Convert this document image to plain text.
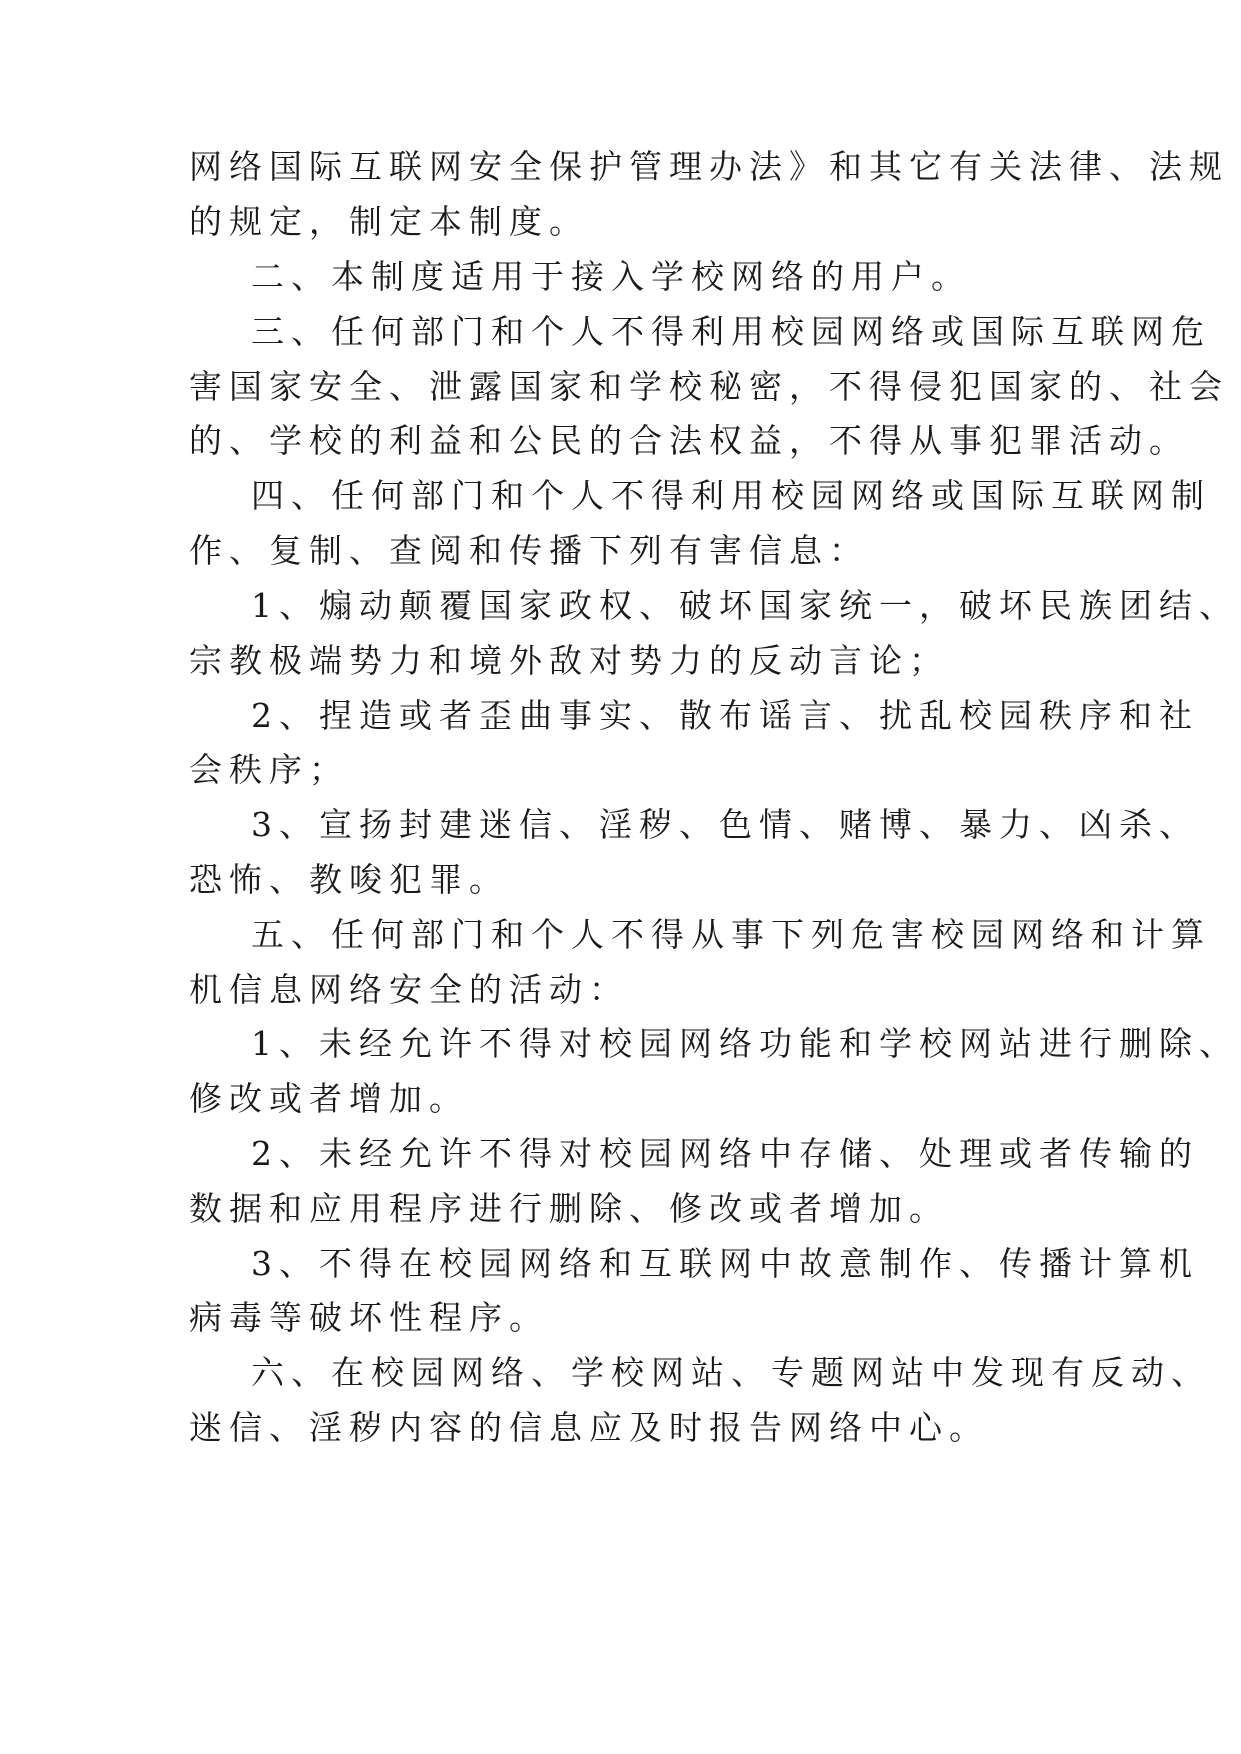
网络国际互联网安全保护管理办法》和其它有关法律、法规
的规定，制定本制度。
二、本制度适用于接入学校网络的用户。
三、任何部门和个人不得利用校园网络或国际互联网危
害国家安全、泄露国家和学校秘密，不得侵犯国家的、社会
的、学校的利益和公民的合法权益，不得从事犯罪活动。
四、任何部门和个人不得利用校园网络或国际互联网制
作、复制、查阅和传播下列有害信息：
1、煽动颠覆国家政权、破坏国家统一，破坏民族团结、
宗教极端势力和境外敌对势力的反动言论；
2、捏造或者歪曲事实、散布谣言、扰乱校园秩序和社
会秩序；
3、宣扬封建迷信、淫秽、色情、赌博、暴力、凶杀、
恐怖、教唆犯罪。
五、任何部门和个人不得从事下列危害校园网络和计算
机信息网络安全的活动：
1、未经允许不得对校园网络功能和学校网站进行删除、
修改或者增加。
2、未经允许不得对校园网络中存储、处理或者传输的
数据和应用程序进行删除、修改或者增加。
3、不得在校园网络和互联网中故意制作、传播计算机
病毒等破坏性程序。
六、在校园网络、学校网站、专题网站中发现有反动、
迷信、淫秽内容的信息应及时报告网络中心。
